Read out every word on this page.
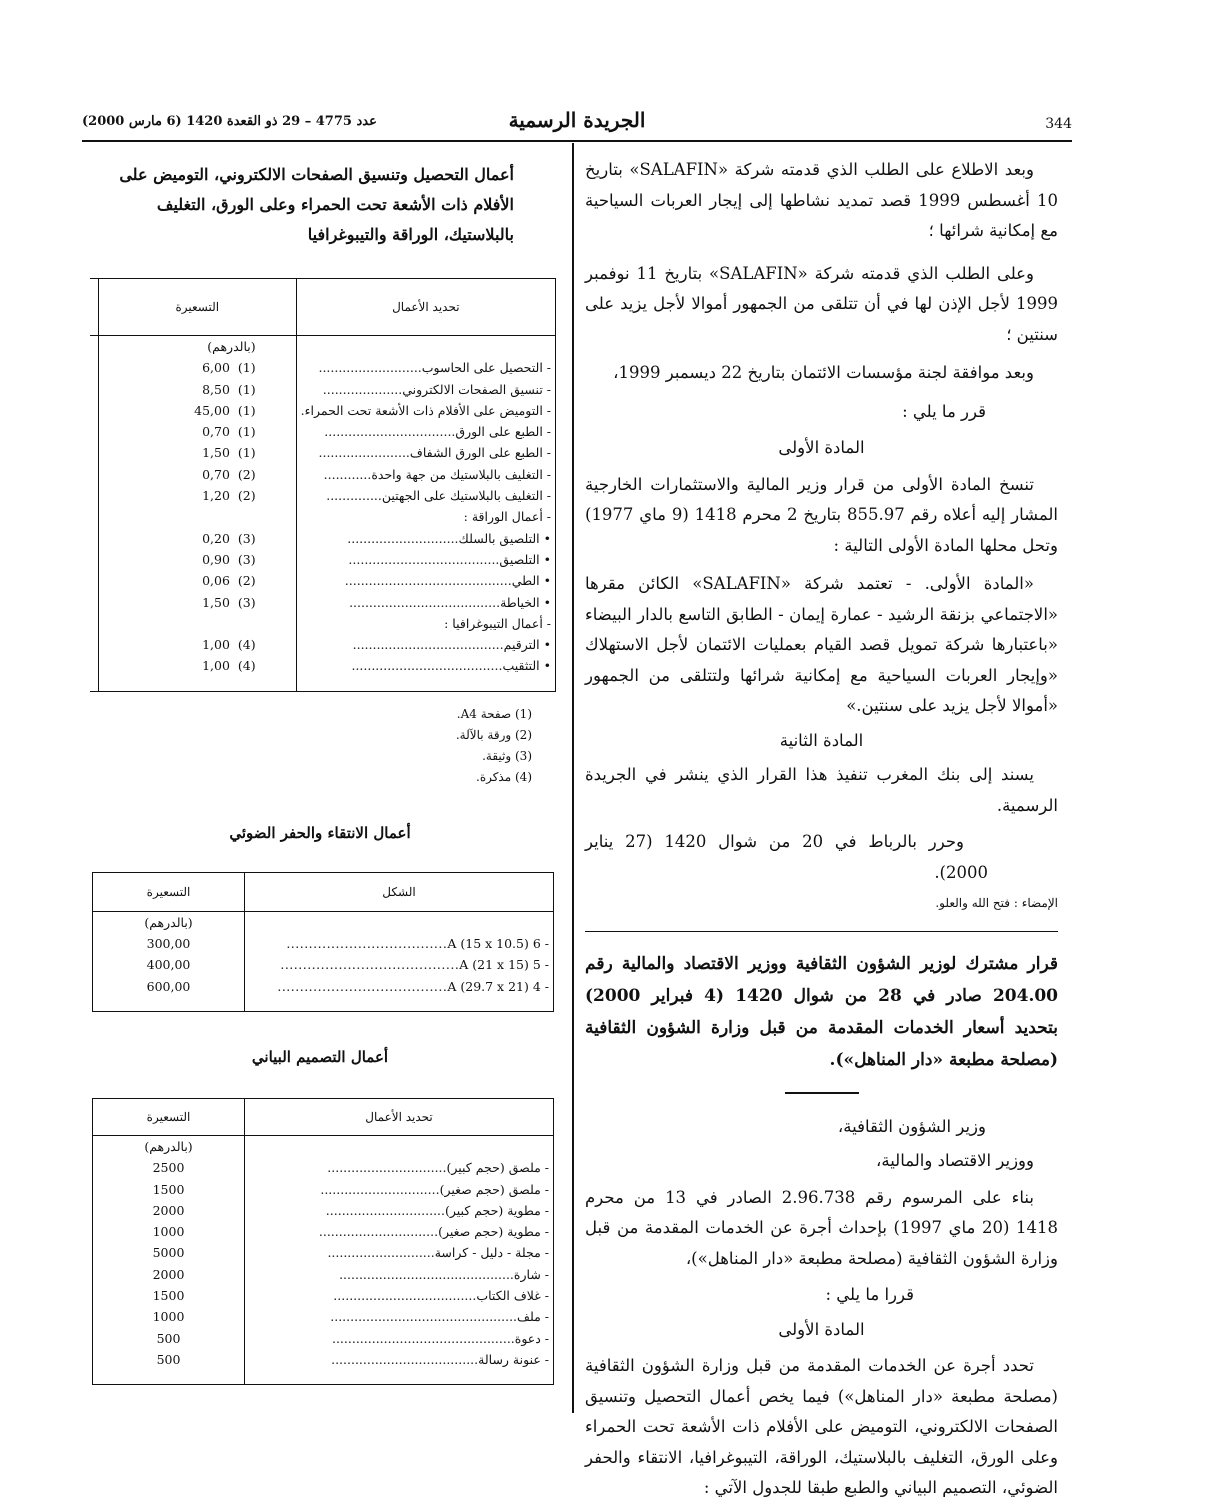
344
الجريدة الرسمية
عدد 4775 – 29 ذو القعدة 1420 (6 مارس 2000)

وبعد الاطلاع على الطلب الذي قدمته شركة «SALAFIN» بتاريخ 10 أغسطس 1999 قصد تمديد نشاطها إلى إيجار العربات السياحية مع إمكانية شرائها ؛

وعلى الطلب الذي قدمته شركة «SALAFIN» بتاريخ 11 نوفمبر 1999 لأجل الإذن لها في أن تتلقى من الجمهور أموالا لأجل يزيد على سنتين ؛

وبعد موافقة لجنة مؤسسات الائتمان بتاريخ 22 ديسمبر 1999،

قرر ما يلي :

المادة الأولى

تنسخ المادة الأولى من قرار وزير المالية والاستثمارات الخارجية المشار إليه أعلاه رقم 855.97 بتاريخ 2 محرم 1418 (9 ماي 1977) وتحل محلها المادة الأولى التالية :

«المادة الأولى. - تعتمد شركة «SALAFIN» الكائن مقرها «الاجتماعي بزنقة الرشيد - عمارة إيمان - الطابق التاسع بالدار البيضاء «باعتبارها شركة تمويل قصد القيام بعمليات الائتمان لأجل الاستهلاك «وإيجار العربات السياحية مع إمكانية شرائها ولتتلقى من الجمهور «أموالا لأجل يزيد على سنتين.»

المادة الثانية

يسند إلى بنك المغرب تنفيذ هذا القرار الذي ينشر في الجريدة الرسمية.

وحرر بالرباط في 20 من شوال 1420 (27 يناير 2000).

الإمضاء : فتح الله والعلو.

قرار مشترك لوزير الشؤون الثقافية ووزير الاقتصاد والمالية رقم 204.00 صادر في 28 من شوال 1420 (4 فبراير 2000) بتحديد أسعار الخدمات المقدمة من قبل وزارة الشؤون الثقافية (مصلحة مطبعة «دار المناهل»).

وزير الشؤون الثقافية،

ووزير الاقتصاد والمالية،

بناء على المرسوم رقم 2.96.738 الصادر في 13 من محرم 1418 (20 ماي 1997) بإحداث أجرة عن الخدمات المقدمة من قبل وزارة الشؤون الثقافية (مصلحة مطبعة «دار المناهل»)،

قررا ما يلي :

المادة الأولى

تحدد أجرة عن الخدمات المقدمة من قبل وزارة الشؤون الثقافية (مصلحة مطبعة «دار المناهل») فيما يخص أعمال التحصيل وتنسيق الصفحات الالكتروني، التوميض على الأفلام ذات الأشعة تحت الحمراء وعلى الورق، التغليف بالبلاستيك، الوراقة، التيبوغرافيا، الانتقاء والحفر الضوئي، التصميم البياني والطبع طبقا للجدول الآتي :

أعمال التحصيل وتنسيق الصفحات الالكتروني، التوميض على الأفلام ذات الأشعة تحت الحمراء وعلى الورق، التغليف بالبلاستيك، الوراقة والتيبوغرافيا
تحديد الأعمال	التسعيرة	
	(بالدرهم)	
- التحصيل على الحاسوب..........................	(1)  6,00	
- تنسيق الصفحات الالكتروني....................	(1)  8,50	
- التوميض على الأفلام ذات الأشعة تحت الحمراء.	(1)  45,00	
- الطبع على الورق.................................	(1)  0,70	
- الطبع على الورق الشفاف.......................	(1)  1,50	
- التغليف بالبلاستيك من جهة واحدة............	(2)  0,70	
- التغليف بالبلاستيك على الجهتين..............	(2)  1,20	
- أعمال الوراقة :		
• التلصيق بالسلك............................	(3)  0,20	
• التلصيق......................................	(3)  0,90	
• الطي..........................................	(2)  0,06	
• الخياطة......................................	(3)  1,50	
- أعمال التيبوغرافيا :		
• الترقيم......................................	(4)  1,00	
• التثقيب......................................	(4)  1,00	

(1) صفحة A4.
(2) ورقة بالآلة.
(3) وثيقة.
(4) مذكرة.
أعمال الانتقاء والحفر الضوئي
الشكل	التسعيرة
	(بالدرهم)
- 6 A (15 x 10.5)....................................	300,00
- 5 A (21 x 15)........................................	400,00
- 4 A (29.7 x 21)......................................	600,00

أعمال التصميم البياني
تحديد الأعمال	التسعيرة
	(بالدرهم)
- ملصق (حجم كبير)..............................	2500
- ملصق (حجم صغير)..............................	1500
- مطوية (حجم كبير)..............................	2000
- مطوية (حجم صغير)..............................	1000
- مجلة - دليل - كراسة...........................	5000
- شارة............................................	2000
- غلاف الكتاب....................................	1500
- ملف...............................................	1000
- دعوة..............................................	500
- عنونة رسالة.....................................	500
